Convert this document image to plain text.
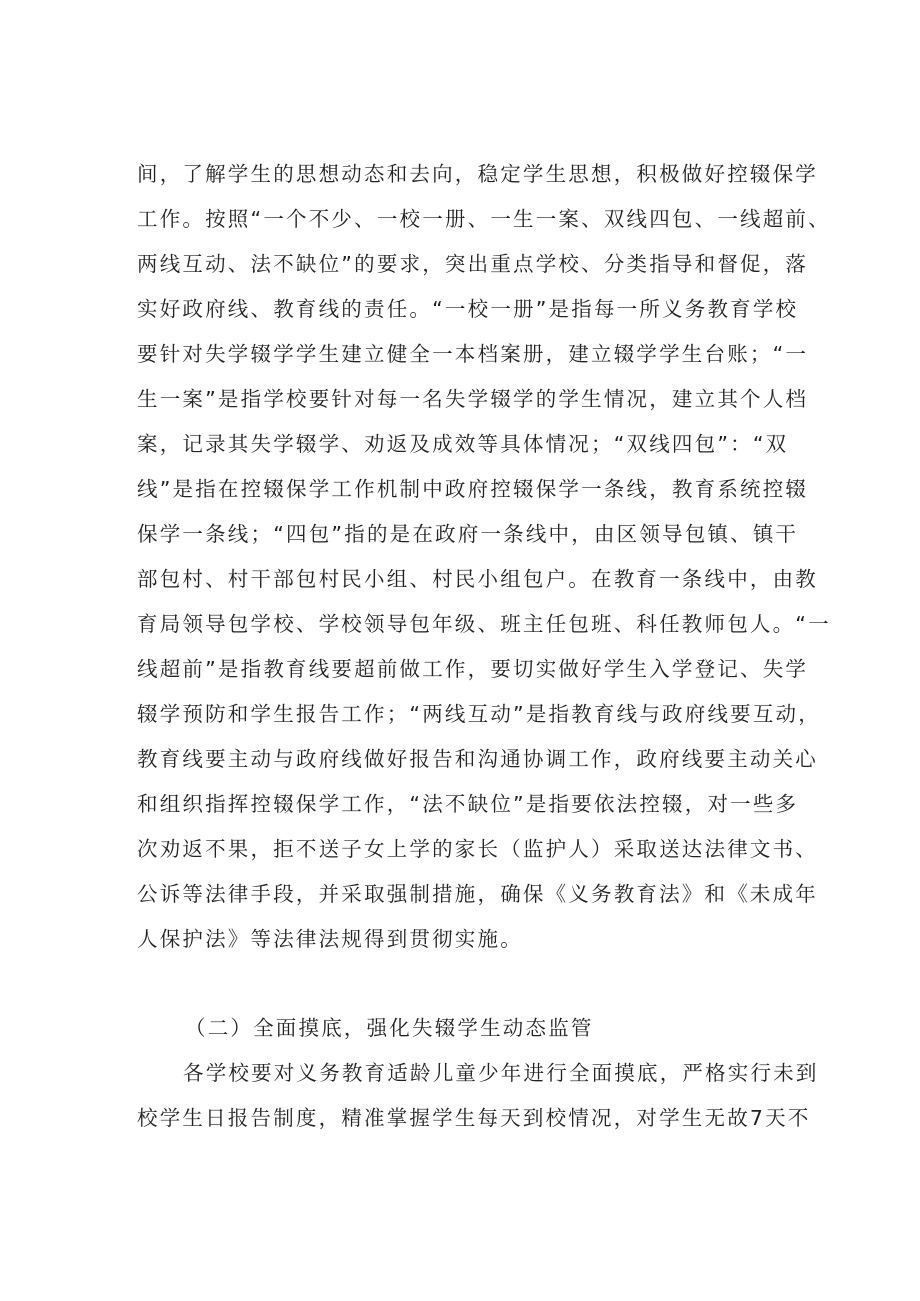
间，了解学生的思想动态和去向，稳定学生思想，积极做好控辍保学
工作。按照“一个不少、一校一册、一生一案、双线四包、一线超前、
两线互动、法不缺位”的要求，突出重点学校、分类指导和督促，落
实好政府线、教育线的责任。“一校一册”是指每一所义务教育学校
要针对失学辍学学生建立健全一本档案册，建立辍学学生台账；“一
生一案”是指学校要针对每一名失学辍学的学生情况，建立其个人档
案，记录其失学辍学、劝返及成效等具体情况；“双线四包”：“双
线”是指在控辍保学工作机制中政府控辍保学一条线，教育系统控辍
保学一条线；“四包”指的是在政府一条线中，由区领导包镇、镇干
部包村、村干部包村民小组、村民小组包户。在教育一条线中，由教
育局领导包学校、学校领导包年级、班主任包班、科任教师包人。“一
线超前”是指教育线要超前做工作，要切实做好学生入学登记、失学
辍学预防和学生报告工作；“两线互动”是指教育线与政府线要互动，
教育线要主动与政府线做好报告和沟通协调工作，政府线要主动关心
和组织指挥控辍保学工作，“法不缺位”是指要依法控辍，对一些多
次劝返不果，拒不送子女上学的家长（监护人）采取送达法律文书、
公诉等法律手段，并采取强制措施，确保《义务教育法》和《未成年
人保护法》等法律法规得到贯彻实施。
（二）全面摸底，强化失辍学生动态监管
各学校要对义务教育适龄儿童少年进行全面摸底，严格实行未到
校学生日报告制度，精准掌握学生每天到校情况，对学生无故7天不
